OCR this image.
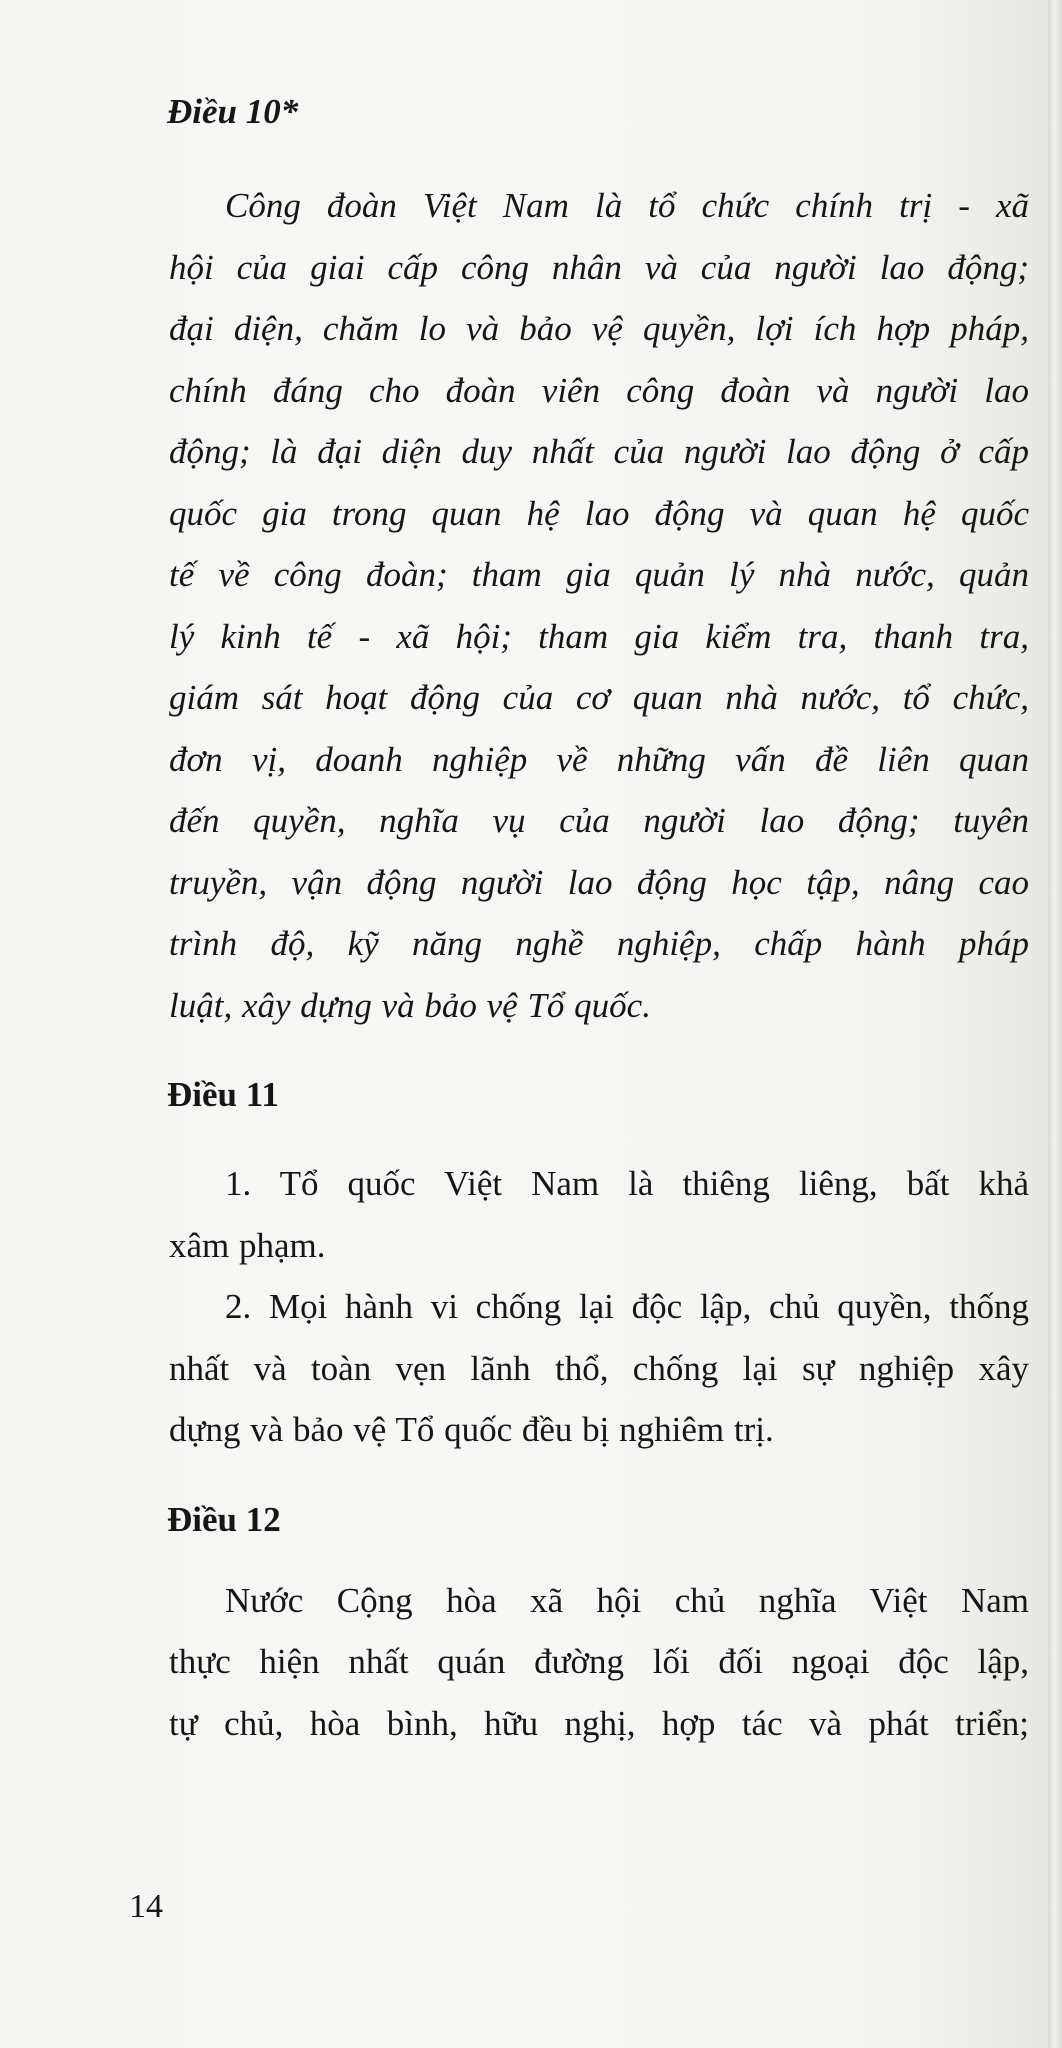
Điều 10*
Công đoàn Việt Nam là tổ chức chính trị - xã
hội của giai cấp công nhân và của người lao động;
đại diện, chăm lo và bảo vệ quyền, lợi ích hợp pháp,
chính đáng cho đoàn viên công đoàn và người lao
động; là đại diện duy nhất của người lao động ở cấp
quốc gia trong quan hệ lao động và quan hệ quốc
tế về công đoàn; tham gia quản lý nhà nước, quản
lý kinh tế - xã hội; tham gia kiểm tra, thanh tra,
giám sát hoạt động của cơ quan nhà nước, tổ chức,
đơn vị, doanh nghiệp về những vấn đề liên quan
đến quyền, nghĩa vụ của người lao động; tuyên
truyền, vận động người lao động học tập, nâng cao
trình độ, kỹ năng nghề nghiệp, chấp hành pháp
luật, xây dựng và bảo vệ Tổ quốc.
Điều 11
1. Tổ quốc Việt Nam là thiêng liêng, bất khả
xâm phạm.
2. Mọi hành vi chống lại độc lập, chủ quyền, thống
nhất và toàn vẹn lãnh thổ, chống lại sự nghiệp xây
dựng và bảo vệ Tổ quốc đều bị nghiêm trị.
Điều 12
Nước Cộng hòa xã hội chủ nghĩa Việt Nam
thực hiện nhất quán đường lối đối ngoại độc lập,
tự chủ, hòa bình, hữu nghị, hợp tác và phát triển;
14
